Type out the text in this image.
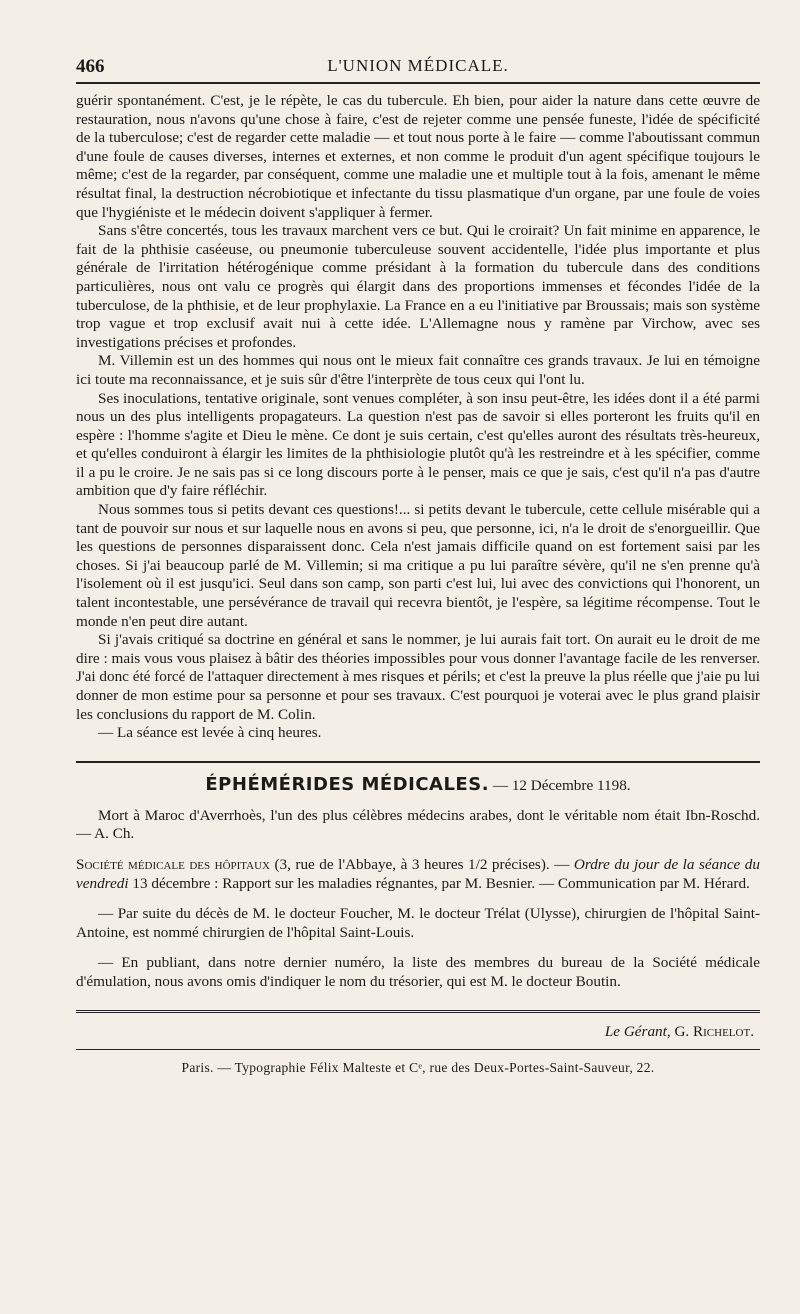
466	L'UNION MÉDICALE.

guérir spontanément. C'est, je le répète, le cas du tubercule. Eh bien, pour aider la nature dans cette œuvre de restauration, nous n'avons qu'une chose à faire, c'est de rejeter comme une pensée funeste, l'idée de spécificité de la tuberculose; c'est de regarder cette maladie — et tout nous porte à le faire — comme l'aboutissant commun d'une foule de causes diverses, internes et externes, et non comme le produit d'un agent spécifique toujours le même; c'est de la regarder, par conséquent, comme une maladie une et multiple tout à la fois, amenant le même résultat final, la destruction nécrobiotique et infectante du tissu plasmatique d'un organe, par une foule de voies que l'hygiéniste et le médecin doivent s'appliquer à fermer.

Sans s'être concertés, tous les travaux marchent vers ce but. Qui le croirait? Un fait minime en apparence, le fait de la phthisie caséeuse, ou pneumonie tuberculeuse souvent accidentelle, l'idée plus importante et plus générale de l'irritation hétérogénique comme présidant à la formation du tubercule dans des conditions particulières, nous ont valu ce progrès qui élargit dans des proportions immenses et fécondes l'idée de la tuberculose, de la phthisie, et de leur prophylaxie. La France en a eu l'initiative par Broussais; mais son système trop vague et trop exclusif avait nui à cette idée. L'Allemagne nous y ramène par Virchow, avec ses investigations précises et profondes.

M. Villemin est un des hommes qui nous ont le mieux fait connaître ces grands travaux. Je lui en témoigne ici toute ma reconnaissance, et je suis sûr d'être l'interprète de tous ceux qui l'ont lu.

Ses inoculations, tentative originale, sont venues compléter, à son insu peut-être, les idées dont il a été parmi nous un des plus intelligents propagateurs. La question n'est pas de savoir si elles porteront les fruits qu'il en espère : l'homme s'agite et Dieu le mène. Ce dont je suis certain, c'est qu'elles auront des résultats très-heureux, et qu'elles conduiront à élargir les limites de la phthisiologie plutôt qu'à les restreindre et à les spécifier, comme il a pu le croire. Je ne sais pas si ce long discours porte à le penser, mais ce que je sais, c'est qu'il n'a pas d'autre ambition que d'y faire réfléchir.

Nous sommes tous si petits devant ces questions!... si petits devant le tubercule, cette cellule misérable qui a tant de pouvoir sur nous et sur laquelle nous en avons si peu, que personne, ici, n'a le droit de s'enorgueillir. Que les questions de personnes disparaissent donc. Cela n'est jamais difficile quand on est fortement saisi par les choses. Si j'ai beaucoup parlé de M. Villemin; si ma critique a pu lui paraître sévère, qu'il ne s'en prenne qu'à l'isolement où il est jusqu'ici. Seul dans son camp, son parti c'est lui, lui avec des convictions qui l'honorent, un talent incontestable, une persévérance de travail qui recevra bientôt, je l'espère, sa légitime récompense. Tout le monde n'en peut dire autant.

Si j'avais critiqué sa doctrine en général et sans le nommer, je lui aurais fait tort. On aurait eu le droit de me dire : mais vous vous plaisez à bâtir des théories impossibles pour vous donner l'avantage facile de les renverser. J'ai donc été forcé de l'attaquer directement à mes risques et périls; et c'est la preuve la plus réelle que j'aie pu lui donner de mon estime pour sa personne et pour ses travaux. C'est pourquoi je voterai avec le plus grand plaisir les conclusions du rapport de M. Colin.

— La séance est levée à cinq heures.

ÉPHÉMÉRIDES MÉDICALES. — 12 Décembre 1198.

Mort à Maroc d'Averrhoès, l'un des plus célèbres médecins arabes, dont le véritable nom était Ibn-Roschd. — A. Ch.

Société médicale des hôpitaux (3, rue de l'Abbaye, à 3 heures 1/2 précises). — Ordre du jour de la séance du vendredi 13 décembre : Rapport sur les maladies régnantes, par M. Besnier. — Communication par M. Hérard.

— Par suite du décès de M. le docteur Foucher, M. le docteur Trélat (Ulysse), chirurgien de l'hôpital Saint-Antoine, est nommé chirurgien de l'hôpital Saint-Louis.

— En publiant, dans notre dernier numéro, la liste des membres du bureau de la Société médicale d'émulation, nous avons omis d'indiquer le nom du trésorier, qui est M. le docteur Boutin.

Le Gérant, G. Richelot.
Paris. — Typographie Félix Malteste et Cᵉ, rue des Deux-Portes-Saint-Sauveur, 22.
